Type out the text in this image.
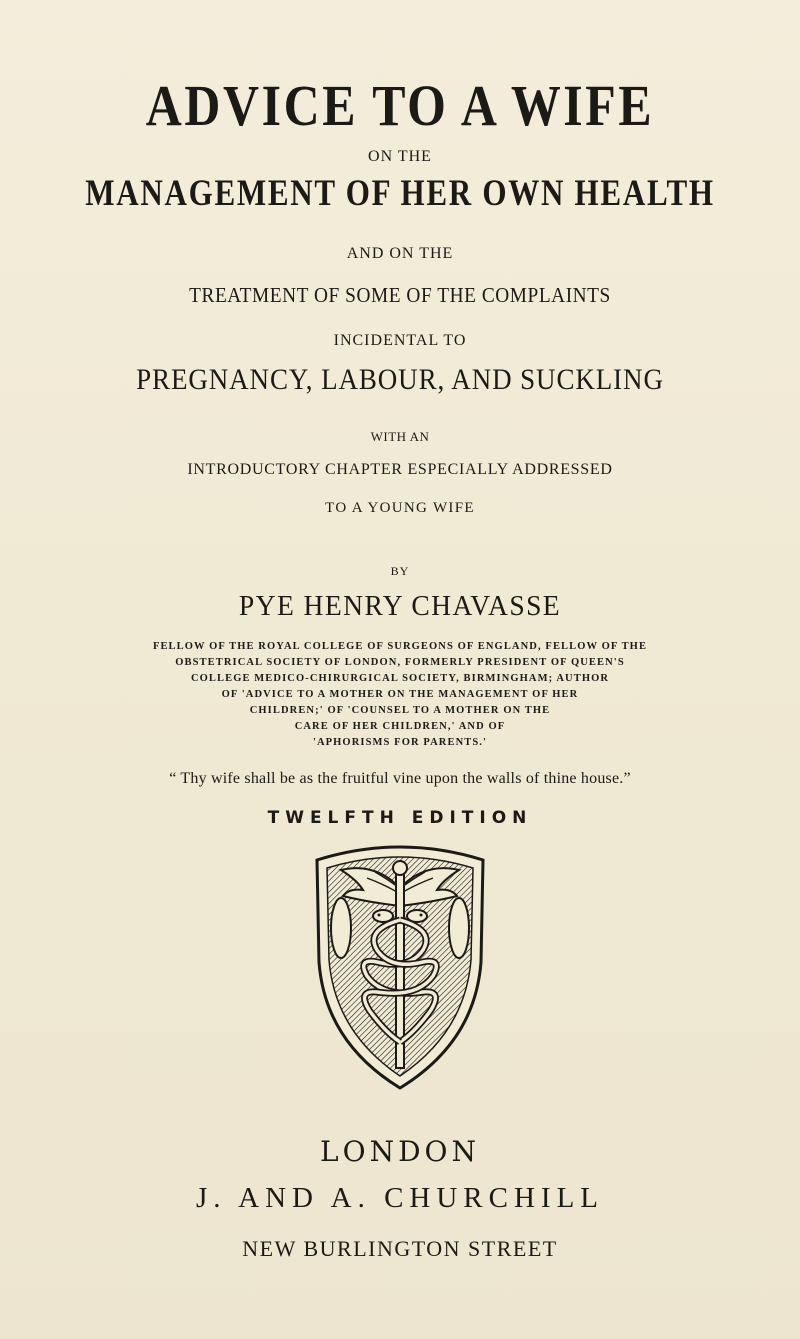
ADVICE TO A WIFE
ON THE
MANAGEMENT OF HER OWN HEALTH
AND ON THE
TREATMENT OF SOME OF THE COMPLAINTS
INCIDENTAL TO
PREGNANCY, LABOUR, AND SUCKLING
WITH AN
INTRODUCTORY CHAPTER ESPECIALLY ADDRESSED
TO A YOUNG WIFE
BY
PYE HENRY CHAVASSE
FELLOW OF THE ROYAL COLLEGE OF SURGEONS OF ENGLAND, FELLOW OF THE
OBSTETRICAL SOCIETY OF LONDON, FORMERLY PRESIDENT OF QUEEN'S
COLLEGE MEDICO-CHIRURGICAL SOCIETY, BIRMINGHAM; AUTHOR
OF 'ADVICE TO A MOTHER ON THE MANAGEMENT OF HER
CHILDREN;' OF 'COUNSEL TO A MOTHER ON THE
CARE OF HER CHILDREN,' AND OF
'APHORISMS FOR PARENTS.'
“ Thy wife shall be as the fruitful vine upon the walls of thine house.”
TWELFTH EDITION
LONDON
J. AND A. CHURCHILL
NEW BURLINGTON STREET
